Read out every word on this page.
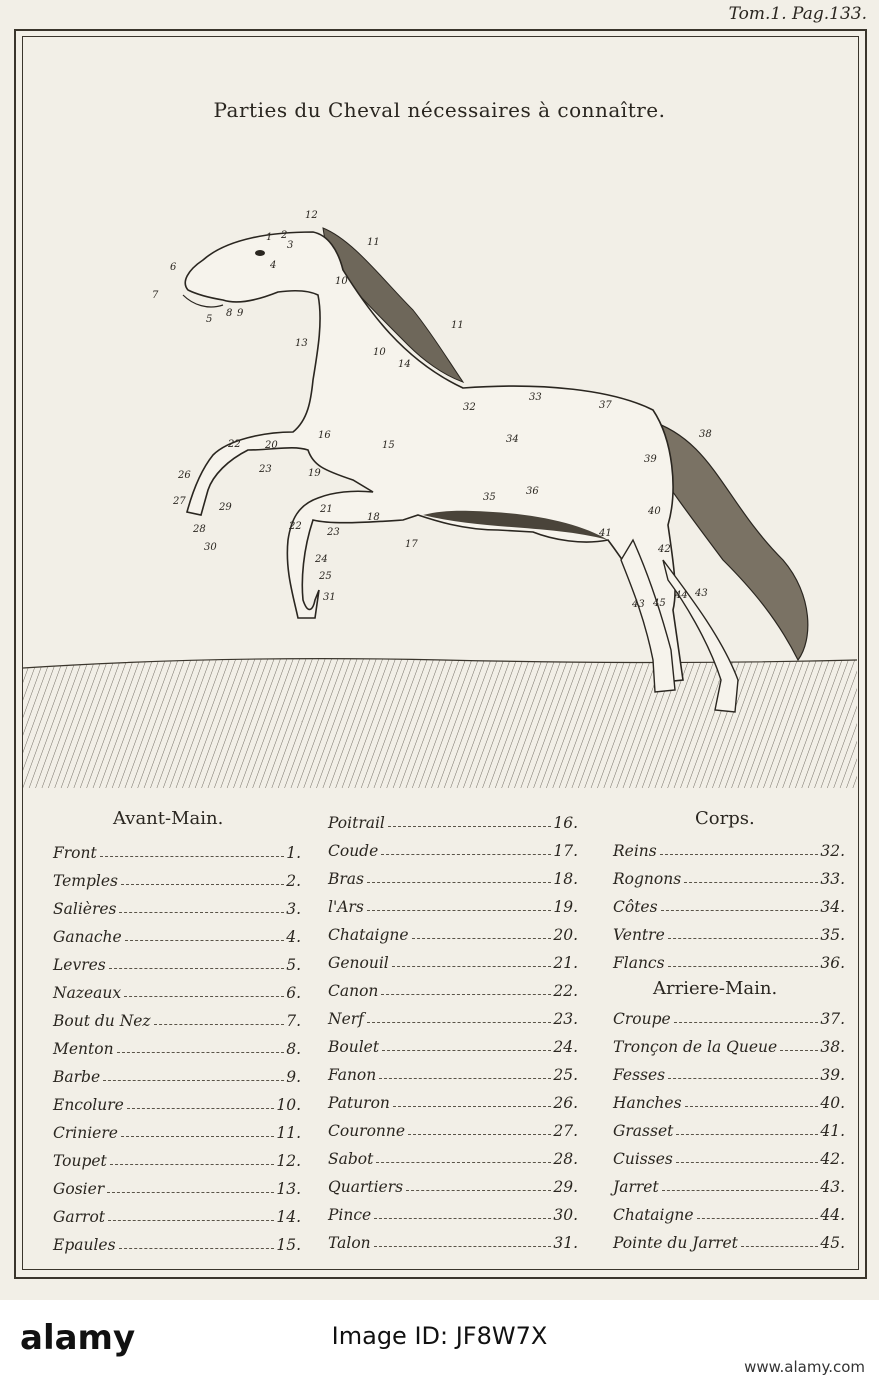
Tom.1. Pag.133.
Parties du Cheval nécessaires à connaître.
1 2
3
4
5
6
7
8 9
10
10
11
11
12
13
14
15
16
17
18
19
20
21
22
22
23
23
24
25
26
27
28
29
30
31
32
33
34
35
36
37
38
39
40
41
42
43
44
45
43
Avant-Main.
Front	1.
Temples	2.
Salières	3.
Ganache	4.
Levres	5.
Nazeaux	6.
Bout du Nez	7.
Menton	8.
Barbe	9.
Encolure	10.
Criniere	11.
Toupet	12.
Gosier	13.
Garrot	14.
Epaules	15.
Poitrail	16.
Coude	17.
Bras	18.
l'Ars	19.
Chataigne	20.
Genouil	21.
Canon	22.
Nerf	23.
Boulet	24.
Fanon	25.
Paturon	26.
Couronne	27.
Sabot	28.
Quartiers	29.
Pince	30.
Talon	31.
Corps.
Reins	32.
Rognons	33.
Côtes	34.
Ventre	35.
Flancs	36.
Arriere-Main.
Croupe	37.
Tronçon de la Queue	38.
Fesses	39.
Hanches	40.
Grasset	41.
Cuisses	42.
Jarret	43.
Chataigne	44.
Pointe du Jarret	45.
alamy	Image ID: JF8W7X
www.alamy.com
